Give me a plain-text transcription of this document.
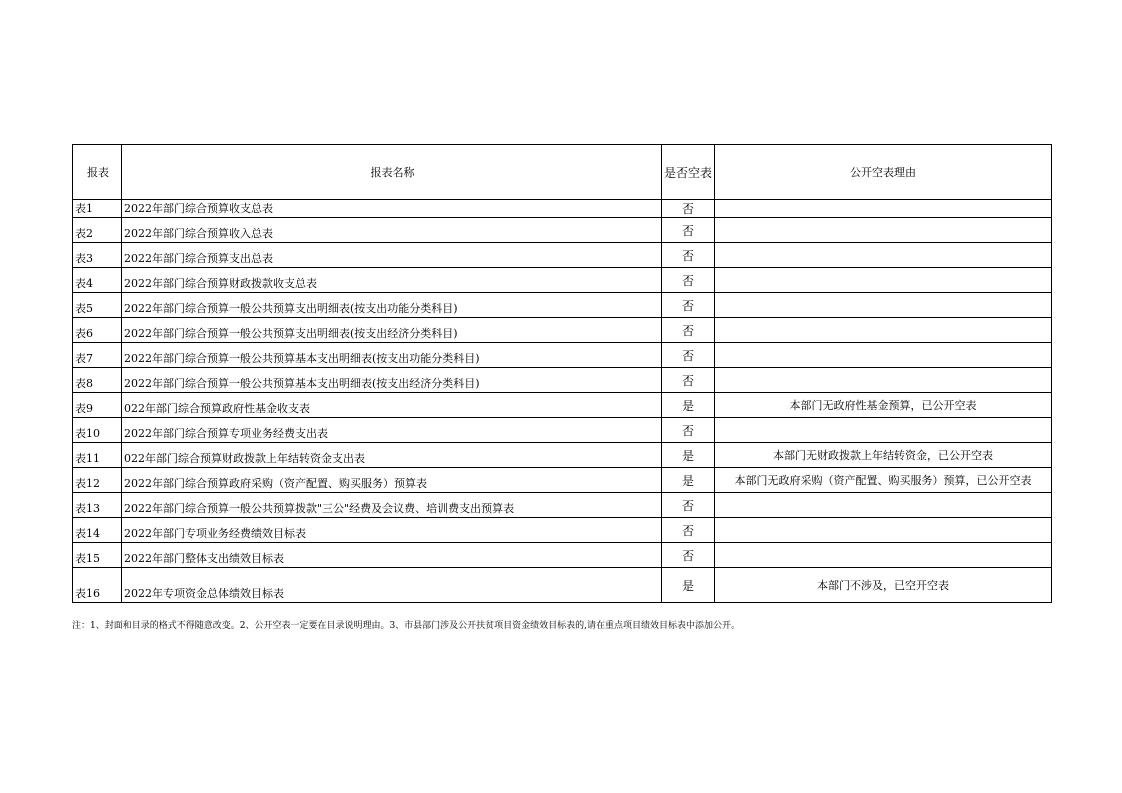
报表	报表名称	是否空表	公开空表理由
表1	2022年部门综合预算收支总表	否	
表2	2022年部门综合预算收入总表	否	
表3	2022年部门综合预算支出总表	否	
表4	2022年部门综合预算财政拨款收支总表	否	
表5	2022年部门综合预算一般公共预算支出明细表(按支出功能分类科目)	否	
表6	2022年部门综合预算一般公共预算支出明细表(按支出经济分类科目)	否	
表7	2022年部门综合预算一般公共预算基本支出明细表(按支出功能分类科目)	否	
表8	2022年部门综合预算一般公共预算基本支出明细表(按支出经济分类科目)	否	
表9	022年部门综合预算政府性基金收支表	是	本部门无政府性基金预算，已公开空表
表10	2022年部门综合预算专项业务经费支出表	否	
表11	022年部门综合预算财政拨款上年结转资金支出表	是	本部门无财政拨款上年结转资金，已公开空表
表12	2022年部门综合预算政府采购（资产配置、购买服务）预算表	是	本部门无政府采购（资产配置、购买服务）预算，已公开空表
表13	2022年部门综合预算一般公共预算拨款"三公"经费及会议费、培训费支出预算表	否	
表14	2022年部门专项业务经费绩效目标表	否	
表15	2022年部门整体支出绩效目标表	否	
表16	2022年专项资金总体绩效目标表	是	本部门不涉及，已空开空表
注：1、封面和目录的格式不得随意改变。2、公开空表一定要在目录说明理由。3、市县部门涉及公开扶贫项目资金绩效目标表的,请在重点项目绩效目标表中添加公开。
